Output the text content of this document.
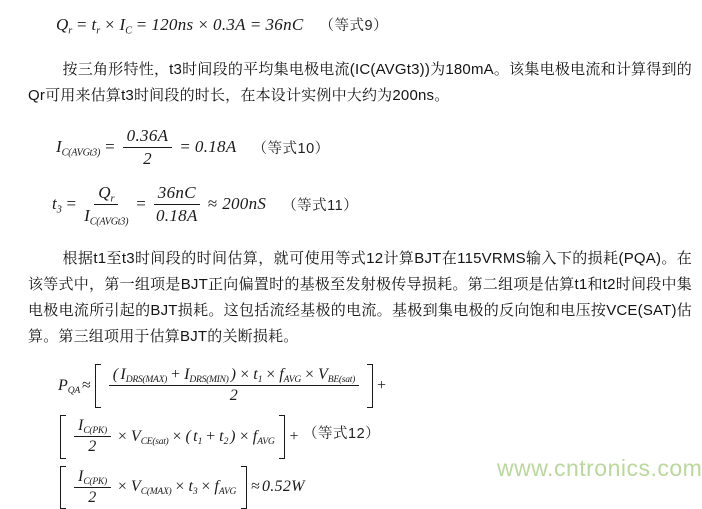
Q r = t r × I C = 120ns × 0.3A = 36nC （等式9）
按三角形特性，t3时间段的平均集电极电流(IC(AVGt3))为180mA。该集电极电流和计算得到的Qr可用来估算t3时间段的时长，在本设计实例中大约为200ns。
I C(AVGt3) = $\frac{0.36A}{2} = 0.18A$ （等式10）
t $3 = \frac{\text{Q r}}{\text{I C(AVGt3)}} = \frac{36nC}{0.18A} \approx 200nS$ （等式11）
根据t1至t3时间段的时间估算，就可使用等式12计算BJT在115VRMS输入下的损耗(PQA)。在该等式中，第一组项是BJT正向偏置时的基极至发射极传导损耗。第二组项是估算t1和t2时间段中集电极电流所引起的BJT损耗。这包括流经基极的电流。基极到集电极的反向饱和电压按VCE(SAT)估算。第三组项用于估算BJT的关断损耗。
P QA ≈ $\frac{\text{( I DRS(MAX) + I DRS(MIN) ) × t 1 × f AVG × V BE(sat)}}{2}$ +
$\frac{\text{I C(PK)}}{2} \times V$ CE(sat) × ( t 1 + t 2 ) × f AVG +
$\frac{\text{I C(PK)}}{2} \times V$ C(MAX) × t 3 × f AVG ≈ 0.52W
（等式12）
www.cntronics.com
